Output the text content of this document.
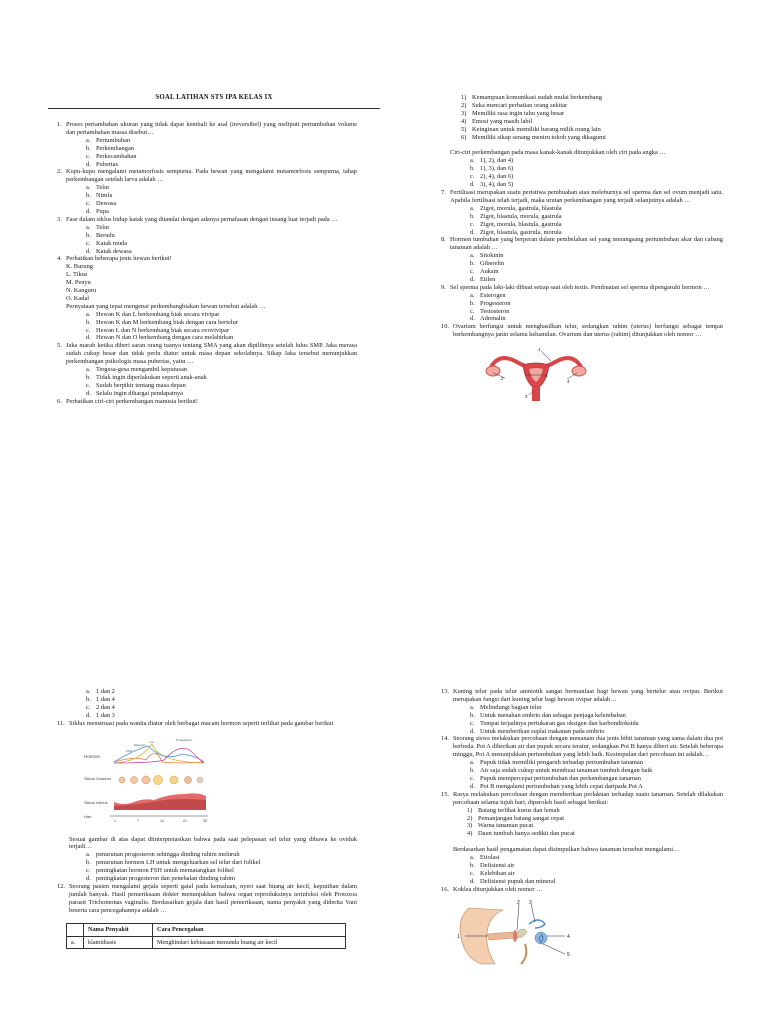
SOAL LATIHAN STS IPA KELAS IX
1. Proses pertambahan ukuran yang tidak dapat kembali ke asal (ireversibel) yang meliputi pertumbuhan volume dan pertambahan massa disebut…
a. Pertumbuhan
b. Perkembangan
c. Perkecambahan
d. Pubertas
2. Kupu-kupu mengalami metamorfosis sempurna. Pada hewan yang mengalami metamorfosis sempurna, tahap perkembangan setelah larva adalah …
a. Telur
b. Nimfa
c. Dewasa
d. Pupa
3. Fase dalam siklus hidup katak yang ditandai dengan adanya pernafasan dengan insang luar terjadi pada …
a. Telur
b. Berudu
c. Katak muda
d. Katak dewasa
4. Perhatikan beberapa jenis hewan berikut!
K. Burung
L. Tikus
M. Penyu
N. Kanguru
O. Kadal
Pernyataan yang tepat mengenai perkembangbiakan hewan tersebut adalah …
a. Hewan K dan L berkembang biak secara vivipar
b. Hewan K dan M berkembang biak dengan cara bertelur
c. Hewan L dan N berkembang biak secara ovovivipar
d. Hewan N dan O berkembang dengan cara melahirkan
5. Jaka marah ketika diberi saran orang tuanya tentang SMA yang akan dipilihnya setelah lulus SMP. Jaka merasa sudah cukup besar dan tidak perlu diatur untuk masa depan sekolahnya. Sikap Jaka tersebut menunjukkan perkembangan psikologis masa pubertas, yaitu …
a. Tergesa-gesa mengambil keputusan
b. Tidak ingin diperlakukan seperti anak-anak
c. Sudah berpikir tentang masa depan
d. Selalu ingin dihargai pendapatnya
6. Perhatikan ciri-ciri perkembangan manusia berikut!
1) Kemampuan komunikasi sudah mulai berkembang
2) Suka mencari perhatian orang sekitar
3) Memiliki rasa ingin tahu yang besar
4) Emosi yang masih labil
5) Keinginan untuk memiliki barang milik orang lain
6) Memiliki sikap senang meniru tokoh yang dikagumi
Ciri-ciri perkembangan pada masa kanak-kanak ditunjukkan oleh ciri pada angka …
a. 1), 2), dan 4)
b. 1), 3), dan 6)
c. 2), 4), dan 6)
d. 3), 4), dan 5)
7. Fertilisasi merupakan suatu peristiwa pembuahan atau meleburnya sel sperma dan sel ovum menjadi satu. Apabila fertilisasi telah terjadi, maka urutan perkembangan yang terjadi selanjutnya adalah …
a. Zigot, morula, gastrula, blastula
b. Zigot, blastula, morula, gastrula
c. Zigot, morula, blastula, gastrula
d. Zigot, blastula, gastrula, morula
8. Hormon tumbuhan yang berperan dalam pembelahan sel yang merangsang pertumbuhan akar dan cabang tanaman adalah …
a. Sitokinin
b. Giberelin
c. Auksin
d. Etilen
9. Sel sperma pada laki-laki dibuat setiap saat oleh testis. Pembuatan sel sperma dipengaruhi hormon …
a. Esterogen
b. Progesteron
c. Testosteron
d. Adrenalin
10. Ovarium berfungsi untuk menghasilkan telur, sedangkan rahim (uterus) berfungsi sebagai tempat berkembangnya janin selama kehamilan. Ovarium dan uterus (rahim) ditunjukkan oleh nomor …
1
2
3
4
5
a. 1 dan 2
b. 1 dan 4
c. 2 dan 4
d. 1 dan 3
11. Siklus menstruasi pada wanita diatur oleh berbagai macam hormon seperti terlihat pada gambar berikut
Hormon
FSH
LH
Estrogen
Progesteron
Siklus Ovarium
Siklus Uterus
Hari
1	7	14	21	28
Sesuai gambar di atas dapat diinterpretasikan bahwa pada saat pelepasan sel telur yang dibawa ke oviduk terjadi…
a. penurunan progesteron sehingga dinding rahim meluruh
b. penurunan hormon LH untuk mengeluarkan sel telur dari folikel
c. peningkatan hormon FSH untuk mematangkan folikel
d. peningkatan progesteron dan penebalan dinding rahim
12. Seorang pasien mengalami gejala seperti gatal pada kemaluan, nyeri saat buang air kecil, keputihan dalam jumlah banyak. Hasil pemeriksaan dokter menunjukkan bahwa organ reproduksinya terinfeksi oleh Protozoa parasit Trichomonas vaginalis. Berdasarkan gejala dan hasil pemeriksaan, nama penyakit yang diderita Vani beserta cara pencegahannya adalah …
	Nama Penyakit	Cara Pencegahan
a.	klamidiasis	Menghindari kebiasaan menunda buang air kecil
13. Kuning telur pada telur amniotik sangat bermanfaat bagi hewan yang bertelur atau ovipar. Berikut merupakan fungsi dari kuning telur bagi hewan ovipar adalah…
a. Melindungi bagian telur
b. Untuk menahan embrio dan sebagai penjaga kelembaban
c. Tempat terjadinya pertukaran gas oksigen dan karbondioksida
d. Untuk memberikan suplai makanan pada embrio
14. Seorang siswa melakukan percobaan dengan menanam dua jenis bibit tanaman yang sama dalam dua pot berbeda. Pot A diberikan air dan pupuk secara teratur, sedangkan Pot B hanya diberi air. Setelah beberapa minggu, Pot A menunjukkan pertumbuhan yang lebih baik. Kesimpulan dari percobaan ini adalah…
a. Pupuk tidak memiliki pengaruh terhadap pertumbuhan tanaman
b. Air saja sudah cukup untuk membuat tanaman tumbuh dengan baik
c. Pupuk mempercepat pertumbuhan dan perkembangan tanaman
d. Pot B mengalami pertumbuhan yang lebih cepat daripada Pot A
15. Rasya melakukan percobaan dengan memberikan perlakuan terhadap suatu tanaman. Setelah dilakukan percobaan selama tujuh hari, diperoleh hasil sebagai berikut:
1) Batang terlihat kurus dan lemah
2) Pemanjangan batang sangat cepat
3) Warna tanaman pucat
4) Daun tumbuh hanya sedikit dan pucat
Berdasarkan hasil pengamatan dapat disimpulkan bahwa tanaman tersebut mengalami…
a. Etiolasi
b. Defisiensi air
c. Kelebihan air
d. Defisiensi pupuk dan mineral
16. Koklea ditunjukkan oleh nomor …
1
2 3
4
5
